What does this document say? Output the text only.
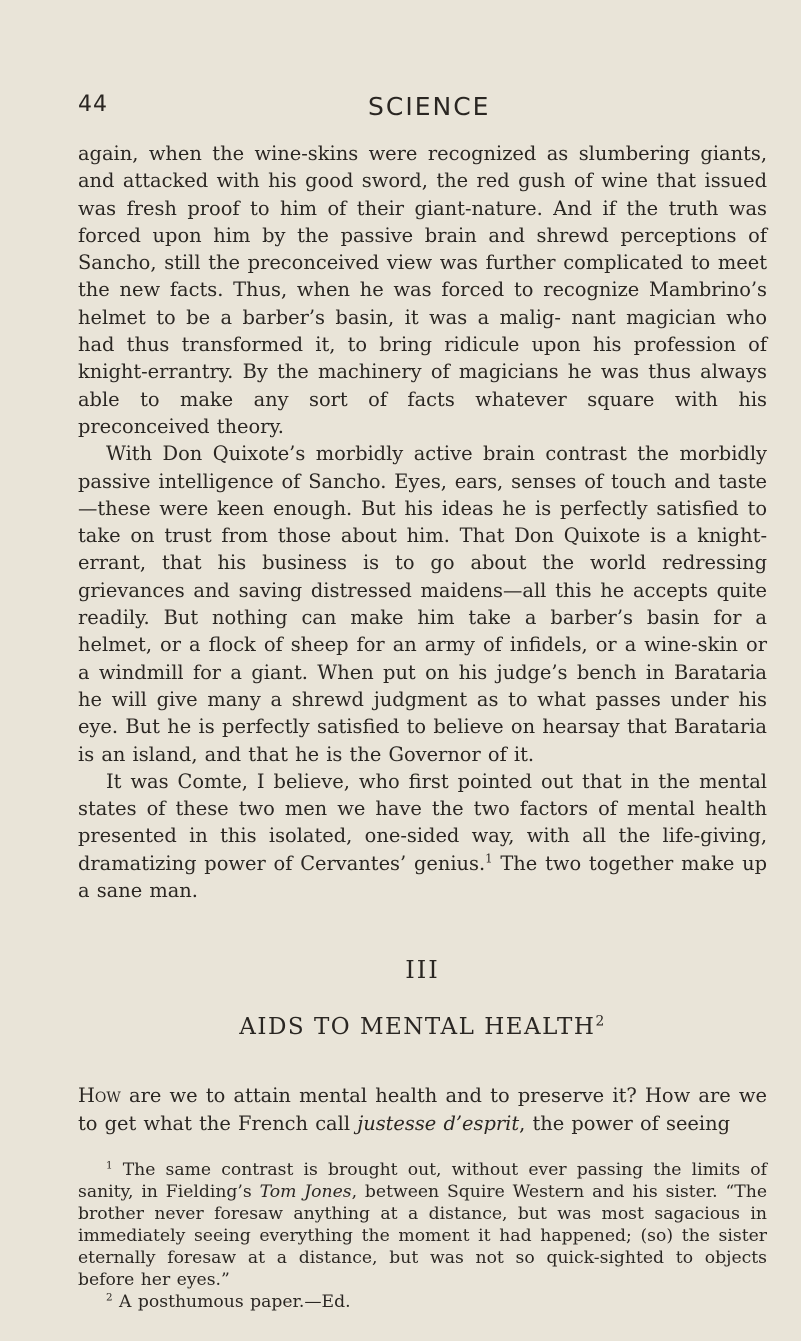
44	SCIENCE

again, when the wine-skins were recognized as slumbering giants, and attacked with his good sword, the red gush of wine that issued was fresh proof to him of their giant-nature. And if the truth was forced upon him by the passive brain and shrewd perceptions of Sancho, still the preconceived view was further complicated to meet the new facts. Thus, when he was forced to recognize Mambrino’s helmet to be a barber’s basin, it was a malig- nant magician who had thus transformed it, to bring ridicule upon his profession of knight-errantry. By the machinery of magicians he was thus always able to make any sort of facts whatever square with his preconceived theory.

With Don Quixote’s morbidly active brain contrast the morbidly passive intelligence of Sancho. Eyes, ears, senses of touch and taste—these were keen enough. But his ideas he is perfectly satisfied to take on trust from those about him. That Don Quixote is a knight-errant, that his business is to go about the world redressing grievances and saving distressed maidens—all this he accepts quite readily. But nothing can make him take a barber’s basin for a helmet, or a flock of sheep for an army of infidels, or a wine-skin or a windmill for a giant. When put on his judge’s bench in Barataria he will give many a shrewd judgment as to what passes under his eye. But he is perfectly satisfied to believe on hearsay that Barataria is an island, and that he is the Governor of it.

It was Comte, I believe, who first pointed out that in the mental states of these two men we have the two factors of mental health presented in this isolated, one-sided way, with all the life-giving, dramatizing power of Cervantes’ genius.$^1$ The two together make up a sane man.

III
AIDS TO MENTAL HEALTH$^2$

How are we to attain mental health and to preserve it? How are we to get what the French call justesse d’esprit, the power of seeing

$^1$ The same contrast is brought out, without ever passing the limits of sanity, in Fielding’s Tom Jones, between Squire Western and his sister. “The brother never foresaw anything at a distance, but was most sagacious in immediately seeing everything the moment it had happened; (so) the sister eternally foresaw at a distance, but was not so quick-sighted to objects before her eyes.”

$^2$ A posthumous paper.—Ed.
